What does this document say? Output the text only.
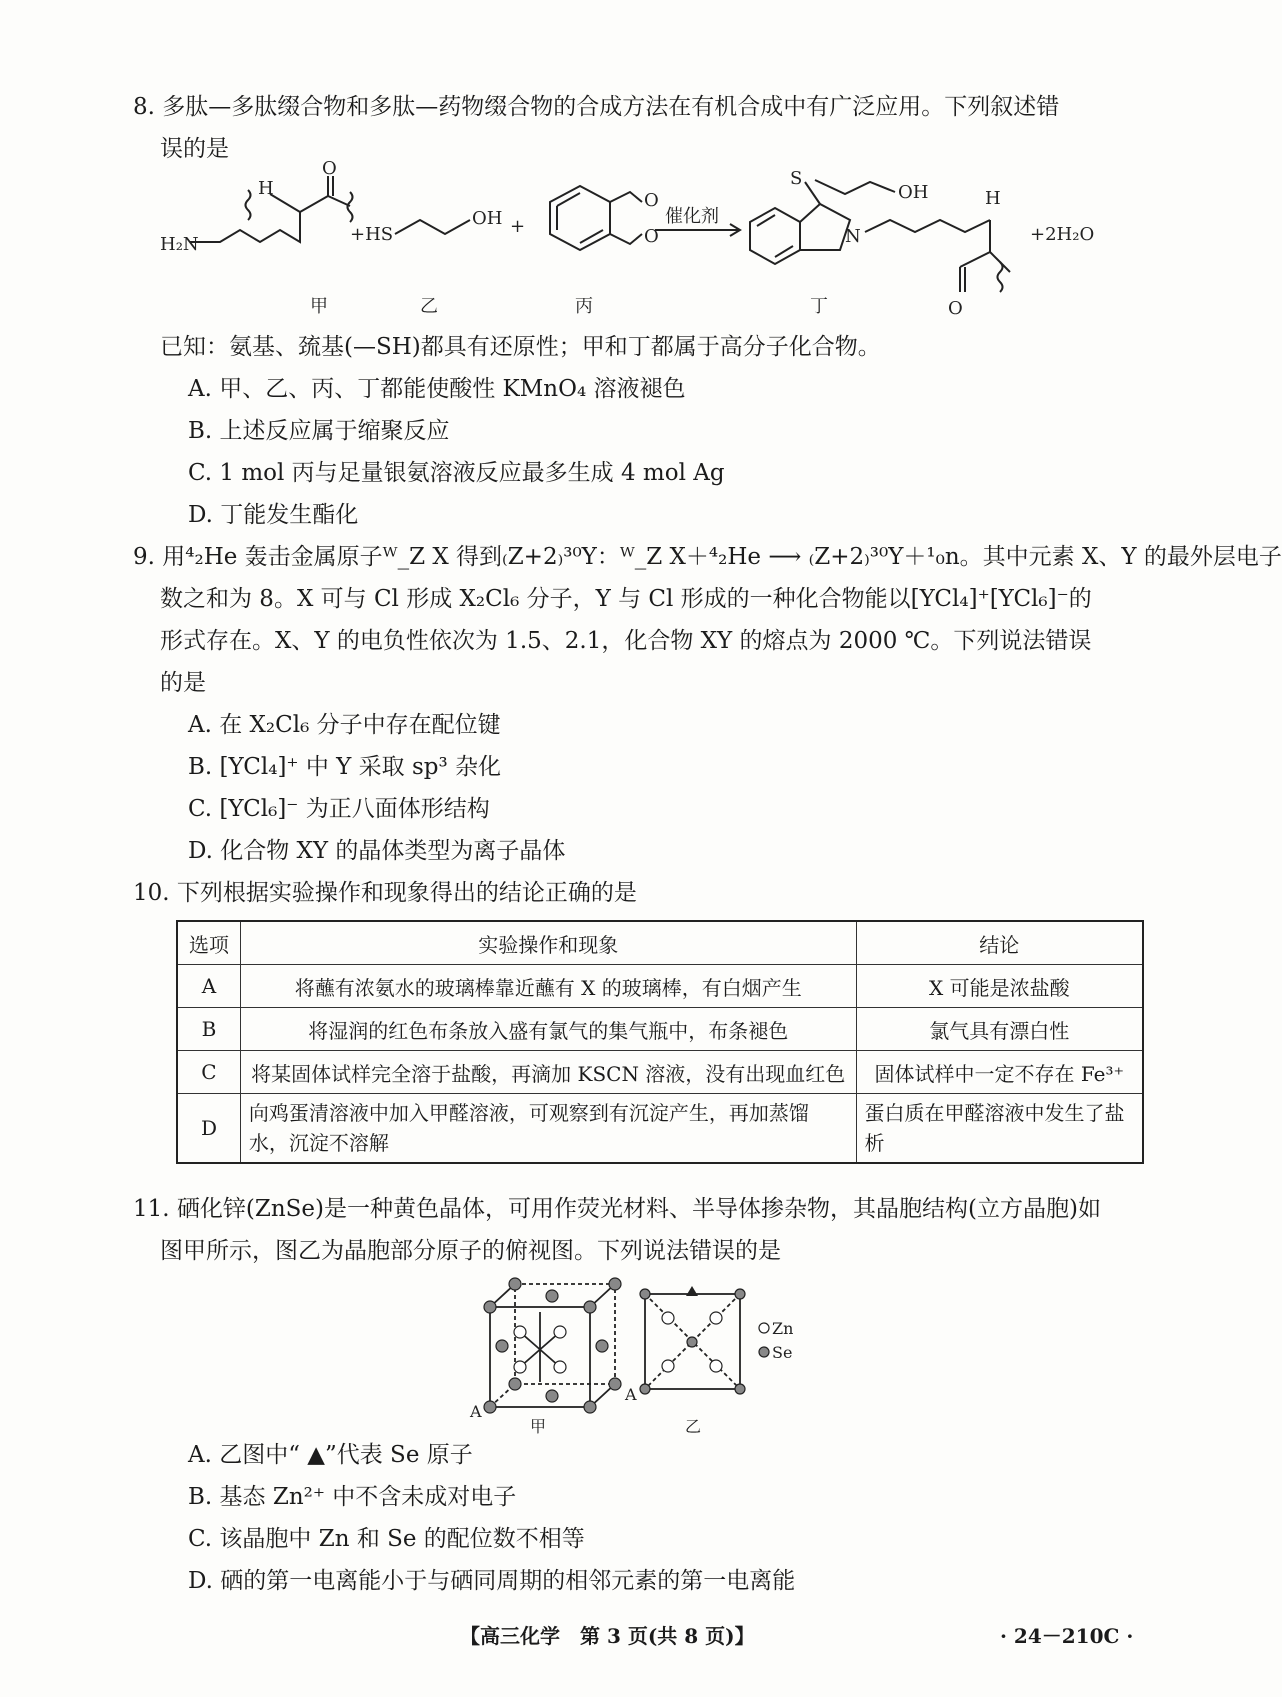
8. 多肽—多肽缀合物和多肽—药物缀合物的合成方法在有机合成中有广泛应用。下列叙述错
误的是
H₂N
H
O
+HS
OH +
O
O
催化剂
N
S
OH	H
O
+2H₂O
甲	乙	丙	丁
已知：氨基、巯基(—SH)都具有还原性；甲和丁都属于高分子化合物。
A. 甲、乙、丙、丁都能使酸性 KMnO₄ 溶液褪色
B. 上述反应属于缩聚反应
C. 1 mol 丙与足量银氨溶液反应最多生成 4 mol Ag
D. 丁能发生酯化
9. 用⁴₂He 轰击金属原子ᵂ_Z X 得到₍Z+2₎³⁰Y：ᵂ_Z X＋⁴₂He ⟶ ₍Z+2₎³⁰Y＋¹₀n。其中元素 X、Y 的最外层电子
数之和为 8。X 可与 Cl 形成 X₂Cl₆ 分子，Y 与 Cl 形成的一种化合物能以[YCl₄]⁺[YCl₆]⁻的
形式存在。X、Y 的电负性依次为 1.5、2.1，化合物 XY 的熔点为 2000 ℃。下列说法错误
的是
A. 在 X₂Cl₆ 分子中存在配位键
B. [YCl₄]⁺ 中 Y 采取 sp³ 杂化
C. [YCl₆]⁻ 为正八面体形结构
D. 化合物 XY 的晶体类型为离子晶体
10. 下列根据实验操作和现象得出的结论正确的是
选项	实验操作和现象	结论
A	将蘸有浓氨水的玻璃棒靠近蘸有 X 的玻璃棒，有白烟产生	X 可能是浓盐酸
B	将湿润的红色布条放入盛有氯气的集气瓶中，布条褪色	氯气具有漂白性
C	将某固体试样完全溶于盐酸，再滴加 KSCN 溶液，没有出现血红色	固体试样中一定不存在 Fe³⁺
D	向鸡蛋清溶液中加入甲醛溶液，可观察到有沉淀产生，再加蒸馏水，沉淀不溶解	蛋白质在甲醛溶液中发生了盐析
11. 硒化锌(ZnSe)是一种黄色晶体，可用作荧光材料、半导体掺杂物，其晶胞结构(立方晶胞)如
图甲所示，图乙为晶胞部分原子的俯视图。下列说法错误的是
Zn
Se
A
A
甲	乙
A. 乙图中“ ▲”代表 Se 原子
B. 基态 Zn²⁺ 中不含未成对电子
C. 该晶胞中 Zn 和 Se 的配位数不相等
D. 硒的第一电离能小于与硒同周期的相邻元素的第一电离能
【高三化学　第 3 页(共 8 页)】	· 24－210C ·
